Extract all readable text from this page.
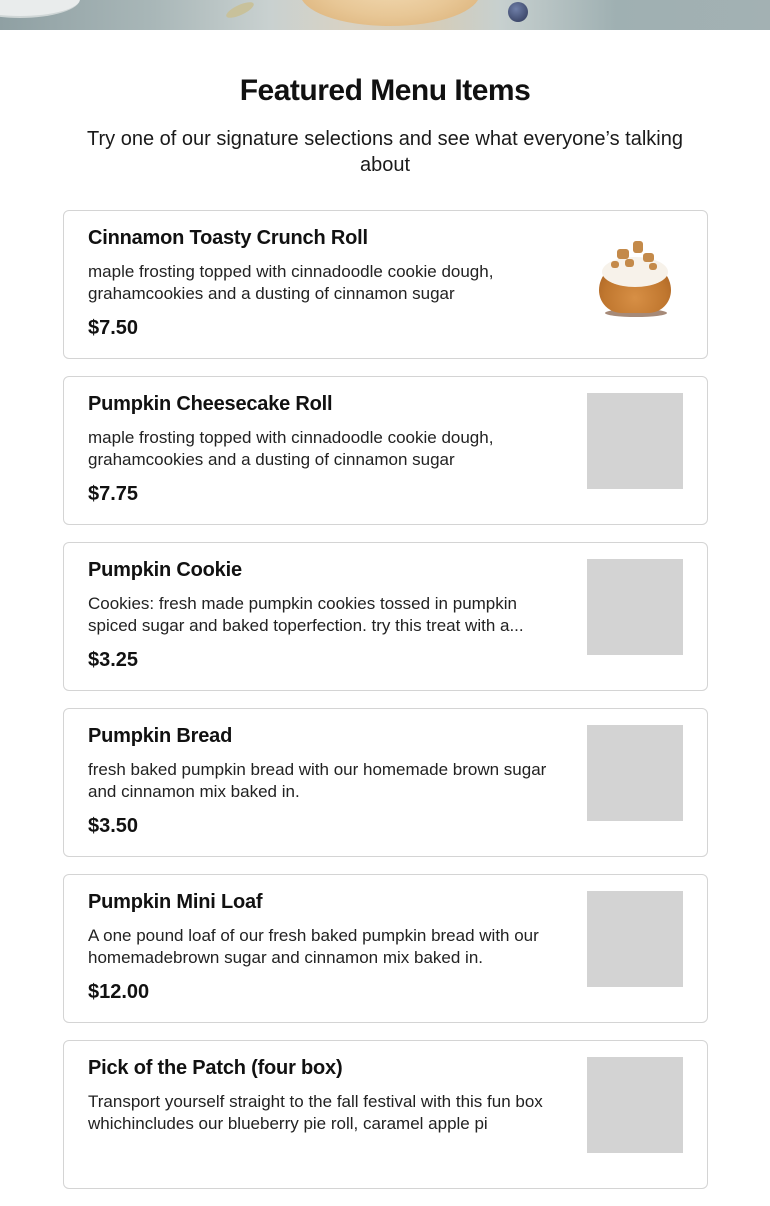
Featured Menu Items

Try one of our signature selections and see what everyone’s talking about

Cinnamon Toasty Crunch Roll
maple frosting topped with cinnadoodle cookie dough, grahamcookies and a dusting of cinnamon sugar
$7.50
Pumpkin Cheesecake Roll
maple frosting topped with cinnadoodle cookie dough, grahamcookies and a dusting of cinnamon sugar
$7.75
Pumpkin Cookie
Cookies: fresh made pumpkin cookies tossed in pumpkin spiced sugar and baked toperfection. try this treat with a...
$3.25
Pumpkin Bread
fresh baked pumpkin bread with our homemade brown sugar and cinnamon mix baked in.
$3.50
Pumpkin Mini Loaf
A one pound loaf of our fresh baked pumpkin bread with our homemadebrown sugar and cinnamon mix baked in.
$12.00
Pick of the Patch (four box)
Transport yourself straight to the fall festival with this fun box whichincludes our blueberry pie roll, caramel apple pi
